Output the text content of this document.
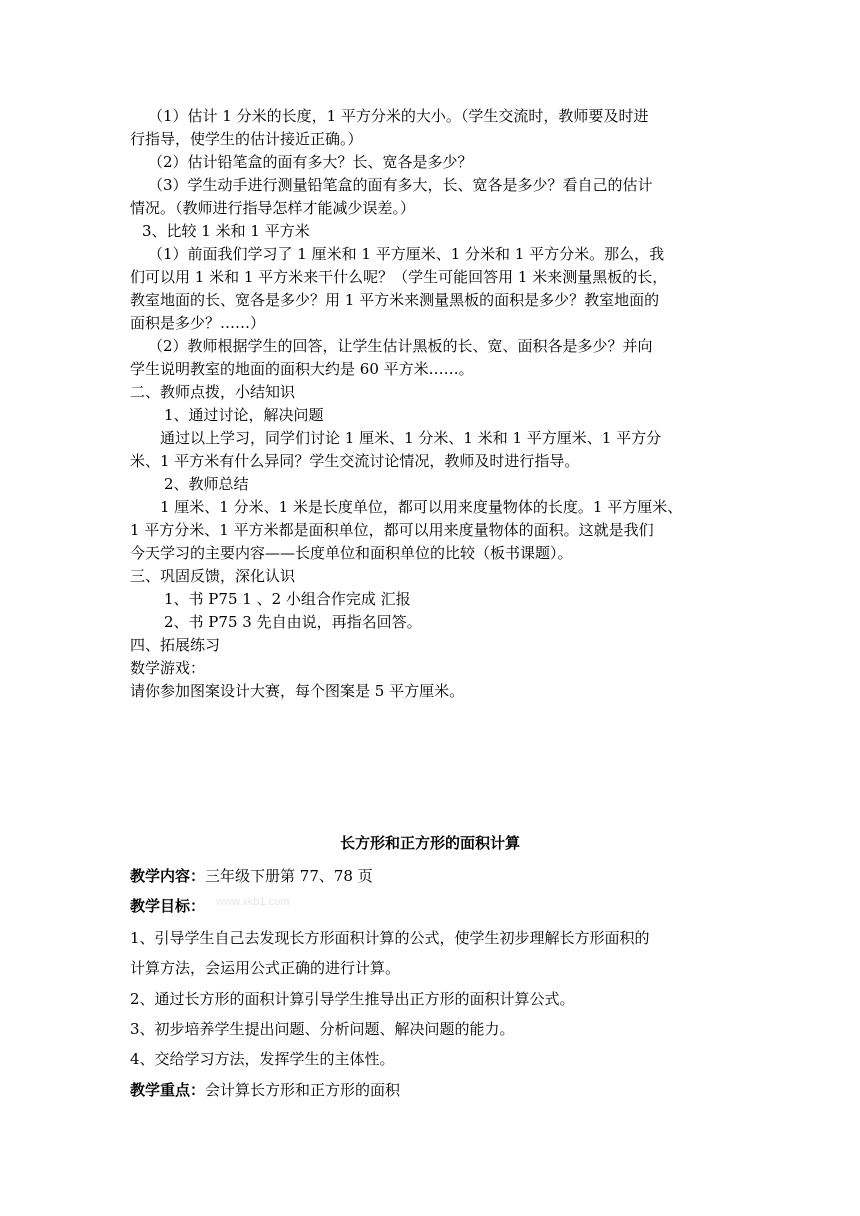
（1）估计 1 分米的长度，1 平方分米的大小。（学生交流时，教师要及时进
行指导，使学生的估计接近正确。）
（2）估计铅笔盒的面有多大？长、宽各是多少？
（3）学生动手进行测量铅笔盒的面有多大，长、宽各是多少？看自己的估计
情况。（教师进行指导怎样才能减少误差。）
3、比较 1 米和 1 平方米
（1）前面我们学习了 1 厘米和 1 平方厘米、1 分米和 1 平方分米。那么，我
们可以用 1 米和 1 平方米来干什么呢？（学生可能回答用 1 米来测量黑板的长，
教室地面的长、宽各是多少？用 1 平方米来测量黑板的面积是多少？教室地面的
面积是多少？……）
（2）教师根据学生的回答，让学生估计黑板的长、宽、面积各是多少？并向
学生说明教室的地面的面积大约是 60 平方米……。
二、教师点拨，小结知识
1、通过讨论，解决问题
通过以上学习，同学们讨论 1 厘米、1 分米、1 米和 1 平方厘米、1 平方分
米、1 平方米有什么异同？学生交流讨论情况，教师及时进行指导。
2、教师总结
1 厘米、1 分米、1 米是长度单位，都可以用来度量物体的长度。1 平方厘米、
1 平方分米、1 平方米都是面积单位，都可以用来度量物体的面积。这就是我们
今天学习的主要内容——长度单位和面积单位的比较（板书课题）。
三、巩固反馈，深化认识
1、书 P75 1 、2 小组合作完成 汇报
2、书 P75 3 先自由说，再指名回答。
四、拓展练习
数学游戏：
请你参加图案设计大赛，每个图案是 5 平方厘米。
长方形和正方形的面积计算
教学内容：三年级下册第 77、78 页
教学目标： www.xkb1.com
1、引导学生自己去发现长方形面积计算的公式，使学生初步理解长方形面积的
计算方法，会运用公式正确的进行计算。
2、通过长方形的面积计算引导学生推导出正方形的面积计算公式。
3、初步培养学生提出问题、分析问题、解决问题的能力。
4、交给学习方法，发挥学生的主体性。
教学重点：会计算长方形和正方形的面积
